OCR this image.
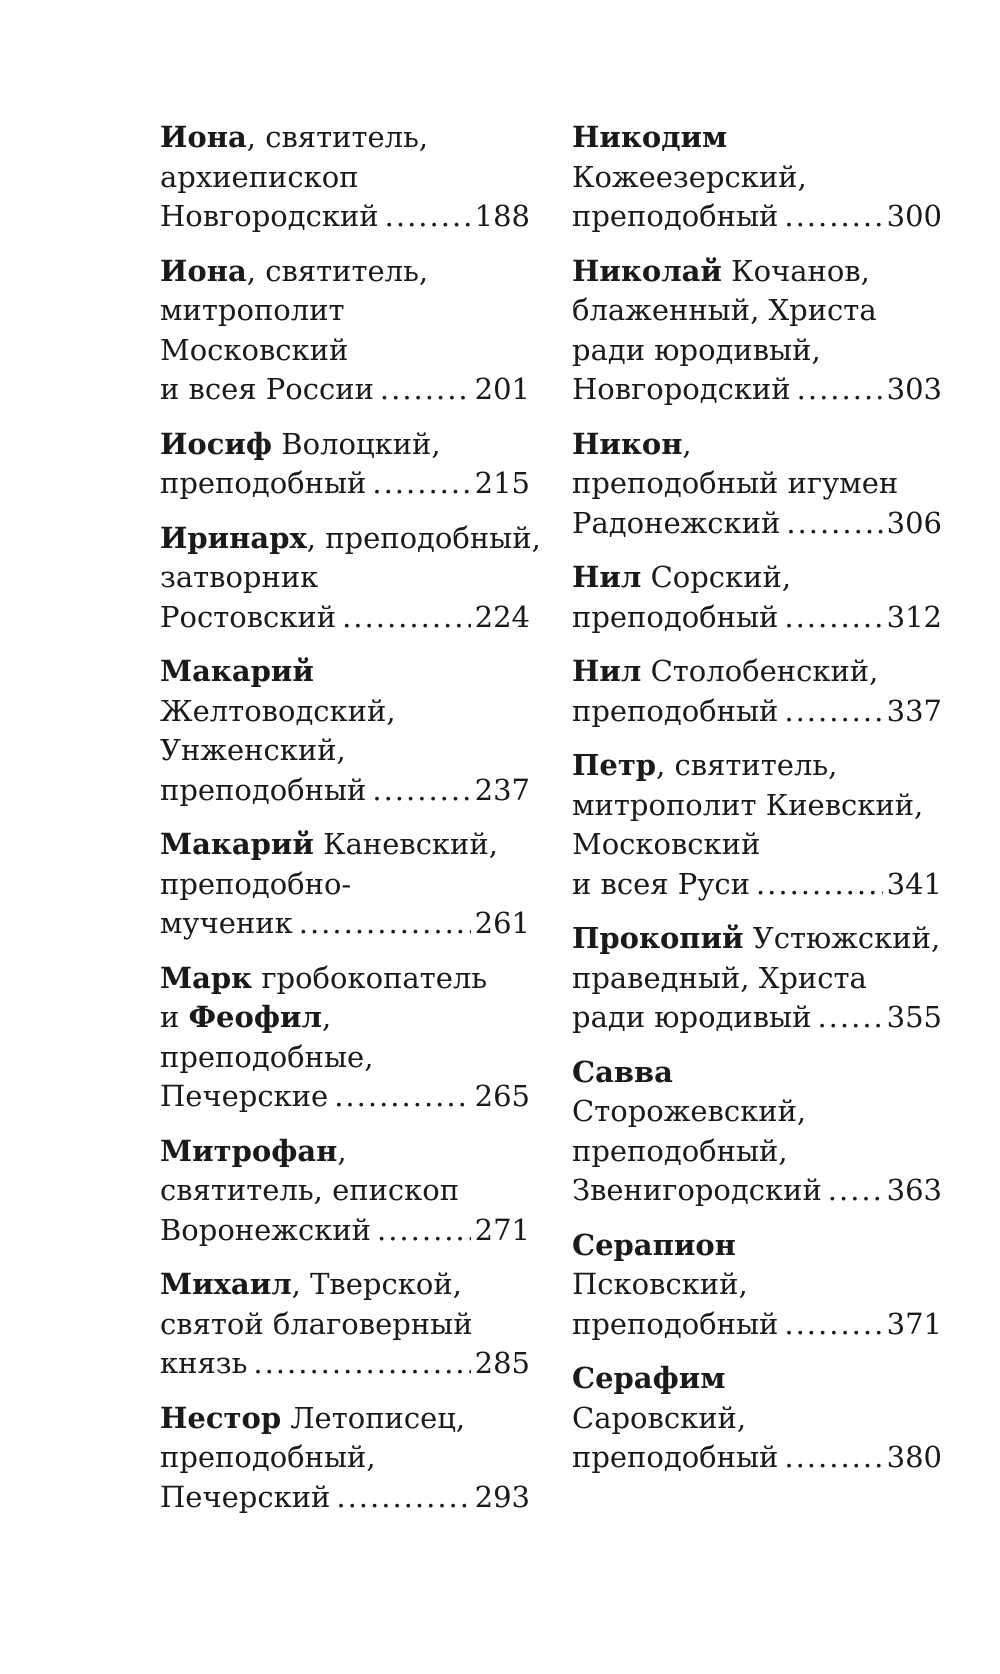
Иона, святитель,
архиепископ
Новгородский .....	188
Иона, святитель,
митрополит
Московский
и всея России .....	201
Иосиф Волоцкий,
преподобный .....	215
Иринарх, преподобный,
затворник
Ростовский .....	224
Макарий
Желтоводский,
Унженский,
преподобный .....	237
Макарий Каневский,
преподобно-
мученик .....	261
Марк гробокопатель
и Феофил,
преподобные,
Печерские .....	265
Митрофан,
святитель, епископ
Воронежский .....	271
Михаил, Тверской,
святой благоверный
князь .....	285
Нестор Летописец,
преподобный,
Печерский .....	293
Никодим
Кожеезерский,
преподобный .....	300
Николай Кочанов,
блаженный, Христа
ради юродивый,
Новгородский .....	303
Никон,
преподобный игумен
Радонежский .....	306
Нил Сорский,
преподобный .....	312
Нил Столобенский,
преподобный .....	337
Петр, святитель,
митрополит Киевский,
Московский
и всея Руси .....	341
Прокопий Устюжский,
праведный, Христа
ради юродивый .....	355
Савва
Сторожевский,
преподобный,
Звенигородский ..... 363
Серапион
Псковский,
преподобный .....	371
Серафим
Саровский,
преподобный .....	380
